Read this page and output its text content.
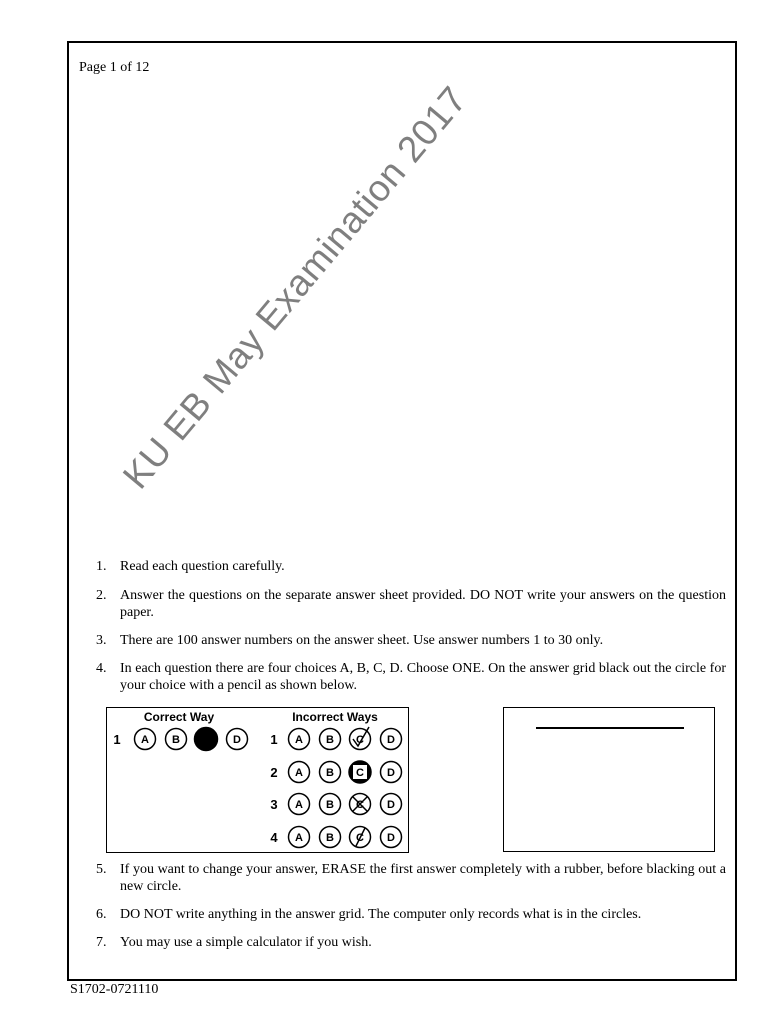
Page 1 of 12
KU EB May Examination 2017
1. Read each question carefully.
2. Answer the questions on the separate answer sheet provided. DO NOT write your answers on the question paper.
3. There are 100 answer numbers on the answer sheet. Use answer numbers 1 to 30 only.
4. In each question there are four choices A, B, C, D. Choose ONE. On the answer grid black out the circle for your choice with a pencil as shown below.
Correct Way	Incorrect Ways
1 A B	D 1 A B C D
2 A B C D
3 A B C D
4 A B C D
5. If you want to change your answer, ERASE the first answer completely with a rubber, before blacking out a new circle.
6. DO NOT write anything in the answer grid. The computer only records what is in the circles.
7. You may use a simple calculator if you wish.
S1702-0721110
